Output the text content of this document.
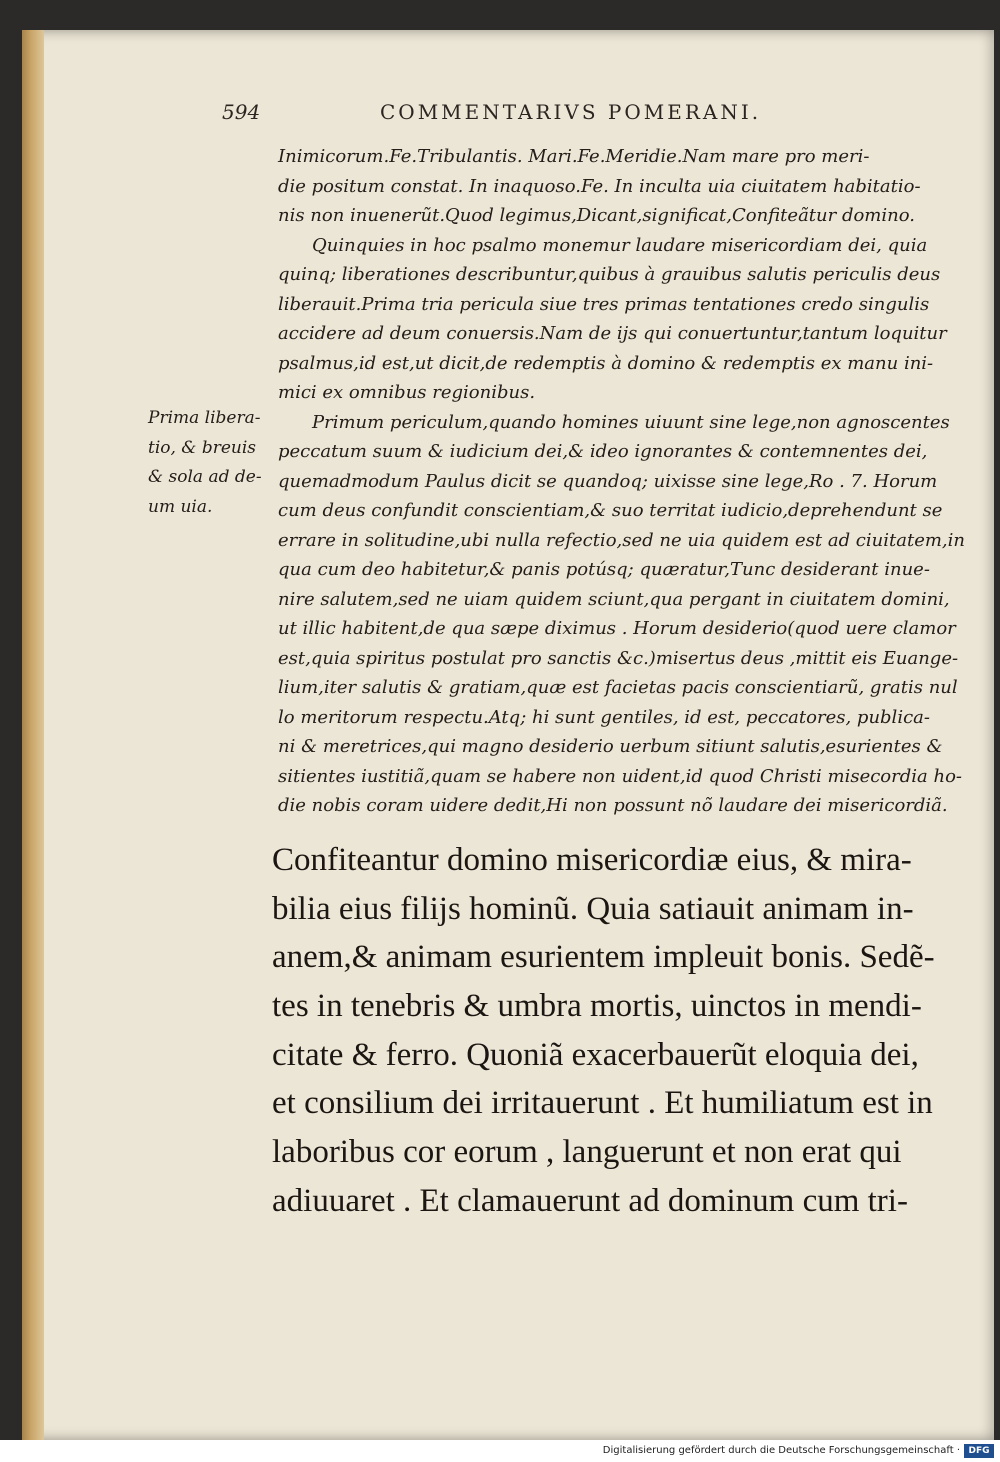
594	COMMENTARIVS POMERANI.
Prima libera-
tio, & breuis
& sola ad de-
um uia.
Inimicorum.Fe.Tribulantis. Mari.Fe.Meridie.Nam mare pro meri-
die positum constat. In inaquoso.Fe. In inculta uia ciuitatem habitatio-
nis non inuenerũt.Quod legimus,Dicant,significat,Confiteãtur domino.
Quinquies in hoc psalmo monemur laudare misericordiam dei, quia
quinq; liberationes describuntur,quibus à grauibus salutis periculis deus
liberauit.Prima tria pericula siue tres primas tentationes credo singulis
accidere ad deum conuersis.Nam de ijs qui conuertuntur,tantum loquitur
psalmus,id est,ut dicit,de redemptis à domino & redemptis ex manu ini-
mici ex omnibus regionibus.
Primum periculum,quando homines uiuunt sine lege,non agnoscentes
peccatum suum & iudicium dei,& ideo ignorantes & contemnentes dei,
quemadmodum Paulus dicit se quandoq; uixisse sine lege,Ro . 7. Horum
cum deus confundit conscientiam,& suo territat iudicio,deprehendunt se
errare in solitudine,ubi nulla refectio,sed ne uia quidem est ad ciuitatem,in
qua cum deo habitetur,& panis potúsq; quæratur,Tunc desiderant inue-
nire salutem,sed ne uiam quidem sciunt,qua pergant in ciuitatem domini,
ut illic habitent,de qua sæpe diximus . Horum desiderio(quod uere clamor
est,quia spiritus postulat pro sanctis &c.)misertus deus ,mittit eis Euange-
lium,iter salutis & gratiam,quæ est facietas pacis conscientiarũ, gratis nul
lo meritorum respectu.Atq; hi sunt gentiles, id est, peccatores, publica-
ni & meretrices,qui magno desiderio uerbum sitiunt salutis,esurientes &
sitientes iustitiã,quam se habere non uident,id quod Christi misecordia ho-
die nobis coram uidere dedit,Hi non possunt nõ laudare dei misericordiã.
Confiteantur domino misericordiæ eius, & mira-
bilia eius filijs hominũ. Quia satiauit animam in-
anem,& animam esurientem impleuit bonis. Sedẽ-
tes in tenebris & umbra mortis, uinctos in mendi-
citate & ferro. Quoniã exacerbauerũt eloquia dei,
et consilium dei irritauerunt . Et humiliatum est in
laboribus cor eorum , languerunt et non erat qui
adiuuaret . Et clamauerunt ad dominum cum tri-
Digitalisierung gefördert durch die Deutsche Forschungsgemeinschaft · DFG
